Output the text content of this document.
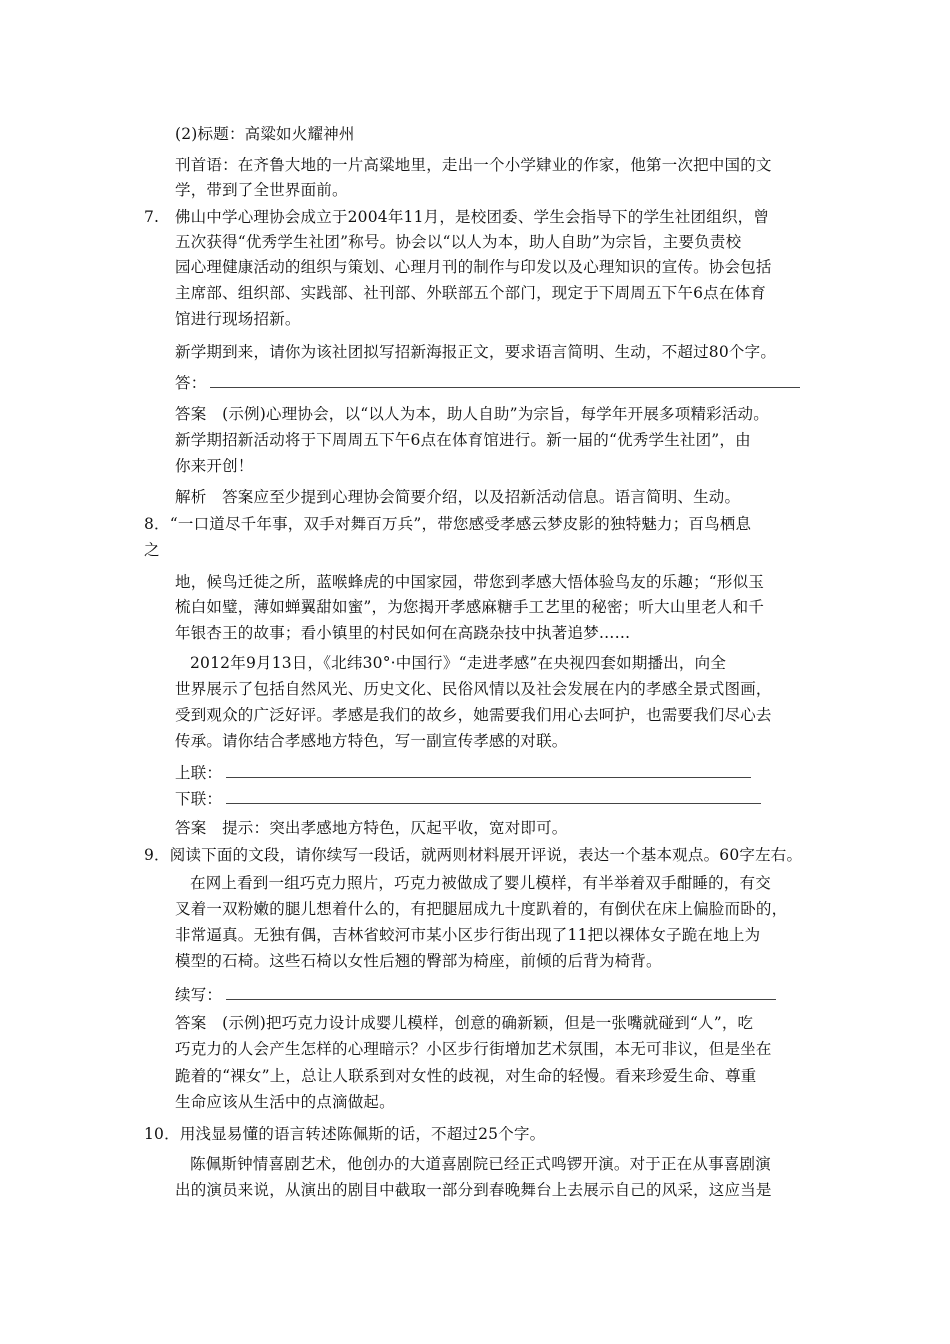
(2)标题：高粱如火耀神州
刊首语：在齐鲁大地的一片高粱地里，走出一个小学肄业的作家，他第一次把中国的文
学，带到了全世界面前。
7.　佛山中学心理协会成立于2004年11月，是校团委、学生会指导下的学生社团组织，曾
五次获得“优秀学生社团”称号。协会以“以人为本，助人自助”为宗旨，主要负责校
园心理健康活动的组织与策划、心理月刊的制作与印发以及心理知识的宣传。协会包括
主席部、组织部、实践部、社刊部、外联部五个部门，现定于下周周五下午6点在体育
馆进行现场招新。
新学期到来，请你为该社团拟写招新海报正文，要求语言简明、生动，不超过80个字。
答：
答案　(示例)心理协会，以“以人为本，助人自助”为宗旨，每学年开展多项精彩活动。
新学期招新活动将于下周周五下午6点在体育馆进行。新一届的“优秀学生社团”，由
你来开创！
解析　答案应至少提到心理协会简要介绍，以及招新活动信息。语言简明、生动。
8．“一口道尽千年事，双手对舞百万兵”，带您感受孝感云梦皮影的独特魅力；百鸟栖息
之
地，候鸟迁徙之所，蓝喉蜂虎的中国家园，带您到孝感大悟体验鸟友的乐趣；“形似玉
梳白如璧，薄如蝉翼甜如蜜”，为您揭开孝感麻糖手工艺里的秘密；听大山里老人和千
年银杏王的故事；看小镇里的村民如何在高跷杂技中执著追梦……
2012年9月13日，《北纬30°·中国行》“走进孝感”在央视四套如期播出，向全
世界展示了包括自然风光、历史文化、民俗风情以及社会发展在内的孝感全景式图画，
受到观众的广泛好评。孝感是我们的故乡，她需要我们用心去呵护，也需要我们尽心去
传承。请你结合孝感地方特色，写一副宣传孝感的对联。
上联：
下联：
答案　提示：突出孝感地方特色，仄起平收，宽对即可。
9．阅读下面的文段，请你续写一段话，就两则材料展开评说，表达一个基本观点。60字左右。
在网上看到一组巧克力照片，巧克力被做成了婴儿模样，有半举着双手酣睡的，有交
叉着一双粉嫩的腿儿想着什么的，有把腿屈成九十度趴着的，有倒伏在床上偏脸而卧的，
非常逼真。无独有偶，吉林省蛟河市某小区步行街出现了11把以裸体女子跪在地上为
模型的石椅。这些石椅以女性后翘的臀部为椅座，前倾的后背为椅背。
续写：
答案　(示例)把巧克力设计成婴儿模样，创意的确新颖，但是一张嘴就碰到“人”，吃
巧克力的人会产生怎样的心理暗示？小区步行街增加艺术氛围，本无可非议，但是坐在
跪着的“裸女”上，总让人联系到对女性的歧视，对生命的轻慢。看来珍爱生命、尊重
生命应该从生活中的点滴做起。
10．用浅显易懂的语言转述陈佩斯的话，不超过25个字。
陈佩斯钟情喜剧艺术，他创办的大道喜剧院已经正式鸣锣开演。对于正在从事喜剧演
出的演员来说，从演出的剧目中截取一部分到春晚舞台上去展示自己的风采，这应当是
